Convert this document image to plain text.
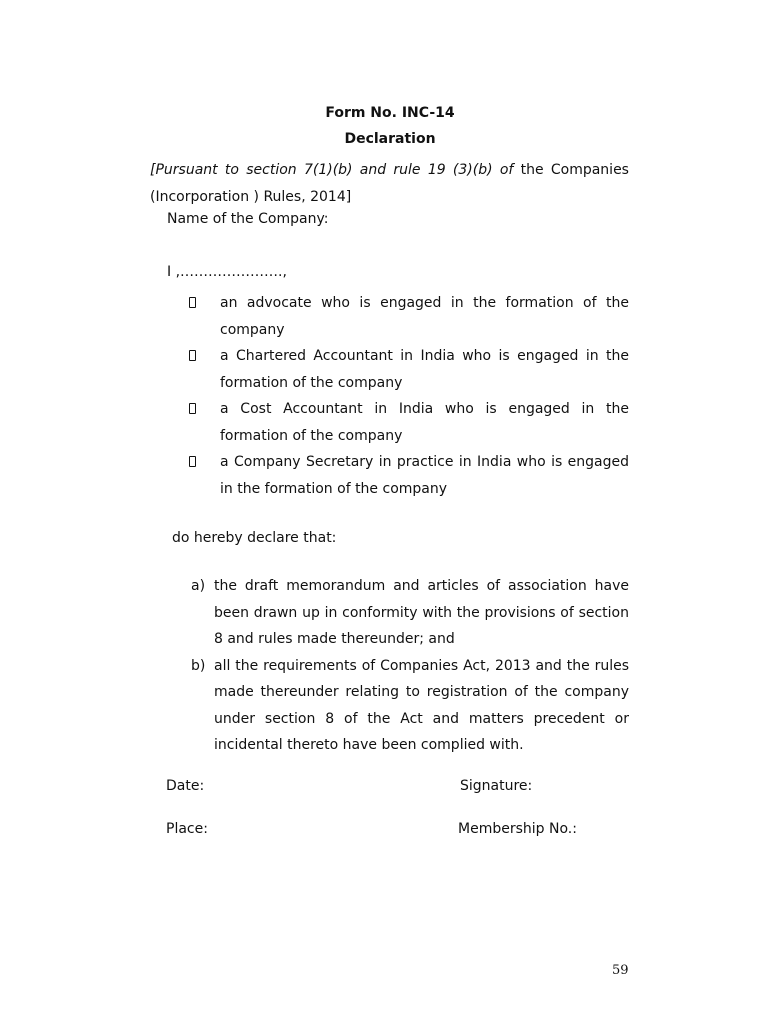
Form No. INC-14
Declaration
[Pursuant to section 7(1)(b) and rule 19 (3)(b) of the Companies (Incorporation ) Rules, 2014]
Name of the Company:
I ,………………….,
an advocate who is engaged in the formation of the company
a Chartered Accountant in India who is engaged in the formation of the company
a Cost Accountant in India who is engaged in the formation of the company
a Company Secretary in practice in India who is engaged in the formation of the company
do hereby declare that:
a) the draft memorandum and articles of association have been drawn up in conformity with the provisions of section 8 and rules made thereunder; and
b) all the requirements of Companies Act, 2013 and the rules made thereunder relating to registration of the company under section 8 of the Act and matters precedent or incidental thereto have been complied with.
Date:	Signature:
Place:	Membership No.:
59
